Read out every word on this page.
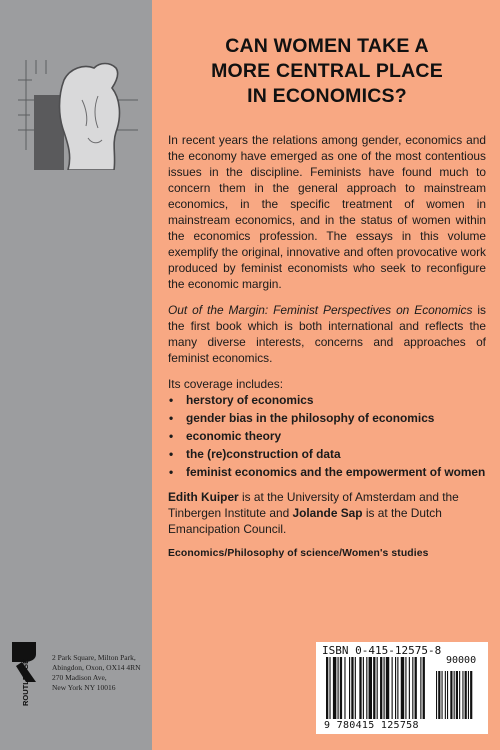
ROUTLEDGE
2 Park Square, Milton Park,
Abingdon, Oxon, OX14 4RN
270 Madison Ave,
New York NY 10016
CAN WOMEN TAKE A
MORE CENTRAL PLACE
IN ECONOMICS?

In recent years the relations among gender, economics and the economy have emerged as one of the most contentious issues in the discipline. Feminists have found much to concern them in the general approach to mainstream economics, in the specific treatment of women in mainstream economics, and in the status of women within the economics profession. The essays in this volume exemplify the original, innovative and often provocative work produced by feminist economists who seek to reconfigure the economic margin.

Out of the Margin: Feminist Perspectives on Economics is the first book which is both international and reflects the many diverse interests, concerns and approaches of feminist economics.

Its coverage includes:

• herstory of economics
• gender bias in the philosophy of economics
• economic theory
• the (re)construction of data
• feminist economics and the empowerment of women

Edith Kuiper is at the University of Amsterdam and the Tinbergen Institute and Jolande Sap is at the Dutch Emancipation Council.

Economics/Philosophy of science/Women's studies

ISBN 0-415-12575-8
90000
9 780415 125758
